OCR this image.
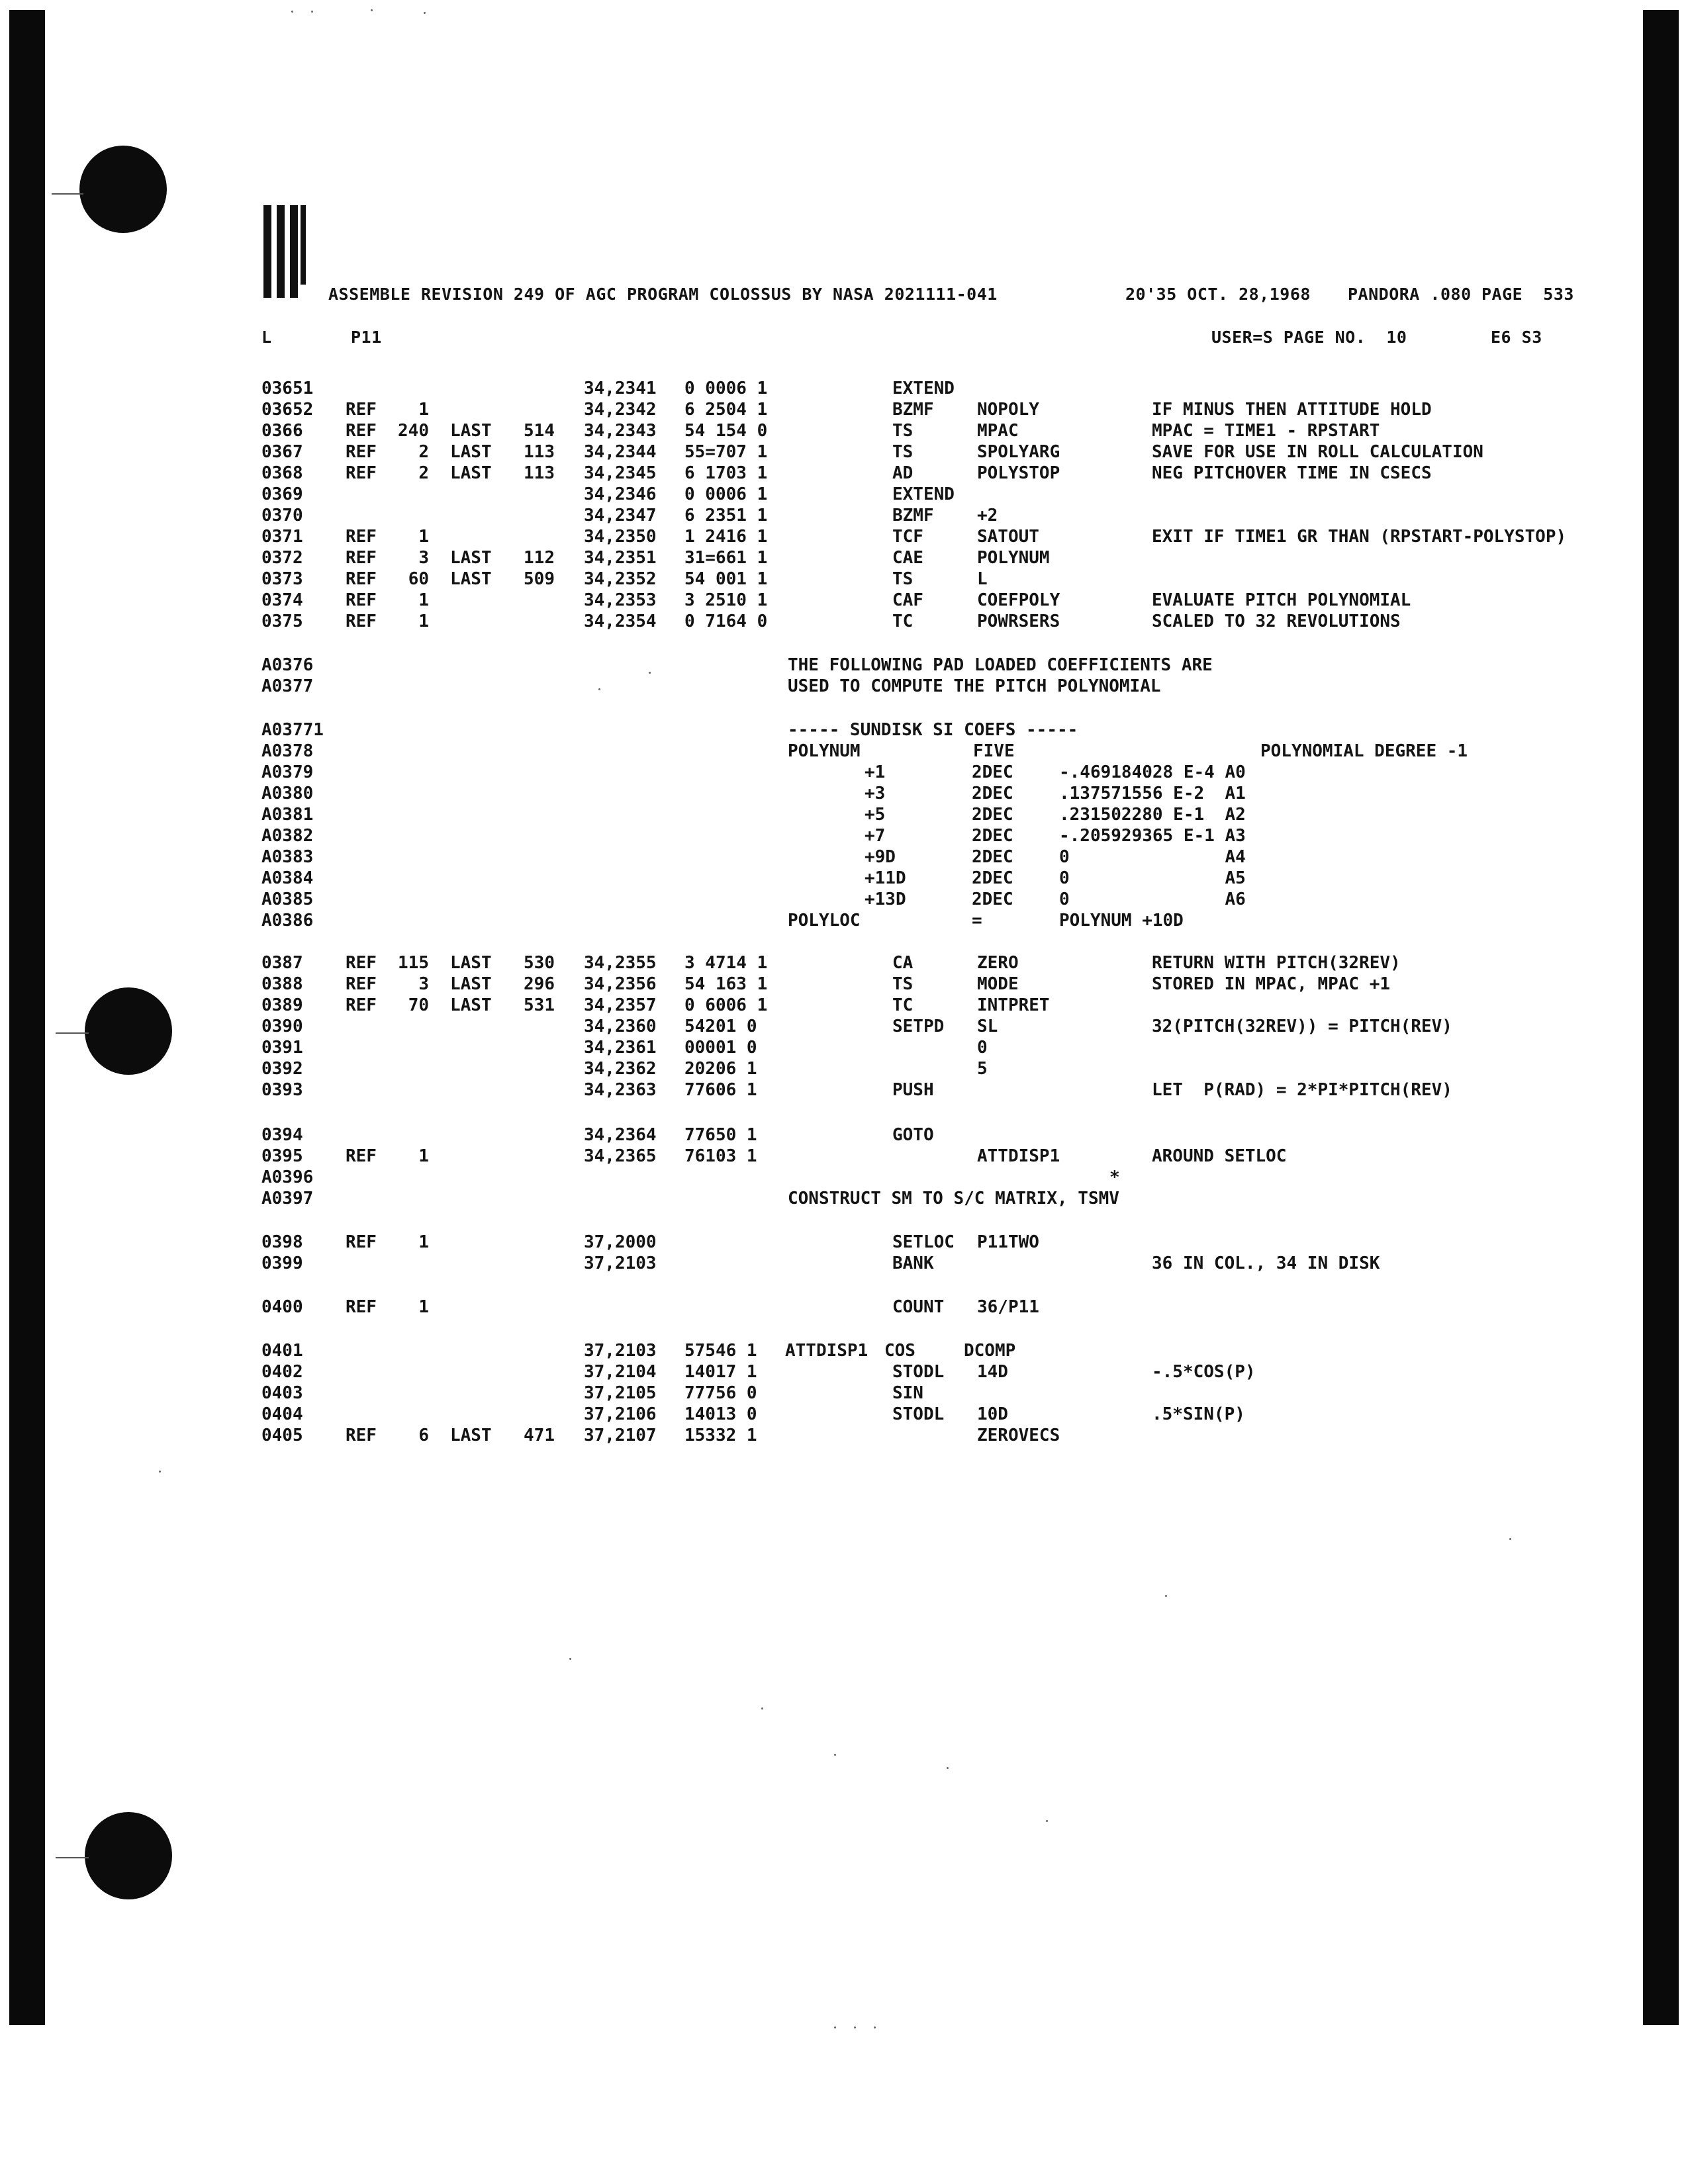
ASSEMBLE REVISION 249 OF AGC PROGRAM COLOSSUS BY NASA 2021111-041	20'35 OCT. 28,1968 PANDORA .080 PAGE  533
L	P11	USER=S PAGE NO.  10	E6 S3
03651	34,2341 0 0006 1	EXTEND
03652 REF 1	34,2342 6 2504 1	BZMF	NOPOLY	IF MINUS THEN ATTITUDE HOLD
0366 REF 240 LAST 514 34,2343 54 154 0	TS	MPAC	MPAC = TIME1 - RPSTART
0367 REF 2 LAST 113 34,2344 55=707 1	TS	SPOLYARG	SAVE FOR USE IN ROLL CALCULATION
0368 REF 2 LAST 113 34,2345 6 1703 1	AD	POLYSTOP	NEG PITCHOVER TIME IN CSECS
0369	34,2346 0 0006 1	EXTEND
0370	34,2347 6 2351 1	BZMF	+2
0371 REF 1	34,2350 1 2416 1	TCF	SATOUT	EXIT IF TIME1 GR THAN (RPSTART-POLYSTOP)
0372 REF 3 LAST 112 34,2351 31=661 1	CAE	POLYNUM
0373 REF 60 LAST 509 34,2352 54 001 1	TS	L
0374 REF 1	34,2353 3 2510 1	CAF	COEFPOLY	EVALUATE PITCH POLYNOMIAL
0375 REF 1	34,2354 0 7164 0	TC	POWRSERS	SCALED TO 32 REVOLUTIONS
A0376	THE FOLLOWING PAD LOADED COEFFICIENTS ARE
A0377	USED TO COMPUTE THE PITCH POLYNOMIAL
A03771	----- SUNDISK SI COEFS -----
A0378	POLYNUM	FIVE	POLYNOMIAL DEGREE -1
A0379	+1	2DEC	-.469184028 E-4 A0
A0380	+3	2DEC	.137571556 E-2  A1
A0381	+5	2DEC	.231502280 E-1  A2
A0382	+7	2DEC	-.205929365 E-1 A3
A0383	+9D	2DEC	0               A4
A0384	+11D	2DEC	0               A5
A0385	+13D	2DEC	0               A6
A0386	POLYLOC	=	POLYNUM +10D
0387 REF 115 LAST 530 34,2355 3 4714 1	CA	ZERO	RETURN WITH PITCH(32REV)
0388 REF 3 LAST 296 34,2356 54 163 1	TS	MODE	STORED IN MPAC, MPAC +1
0389 REF 70 LAST 531 34,2357 0 6006 1	TC	INTPRET
0390	34,2360 54201 0	SETPD SL	32(PITCH(32REV)) = PITCH(REV)
0391	34,2361 00001 0	0
0392	34,2362 20206 1	5
0393	34,2363 77606 1	PUSH	LET  P(RAD) = 2*PI*PITCH(REV)
0394	34,2364 77650 1	GOTO
0395 REF 1	34,2365 76103 1	ATTDISP1	AROUND SETLOC
A0396	*
A0397	CONSTRUCT SM TO S/C MATRIX, TSMV
0398 REF 1	37,2000	SETLOC P11TWO
0399	37,2103	BANK	36 IN COL., 34 IN DISK
0400 REF 1	COUNT 36/P11
0401	37,2103 57546 1 ATTDISP1 COS	DCOMP
0402	37,2104 14017 1	STODL 14D	-.5*COS(P)
0403	37,2105 77756 0	SIN
0404	37,2106 14013 0	STODL 10D	.5*SIN(P)
0405 REF 6 LAST 471 37,2107 15332 1	ZEROVECS
